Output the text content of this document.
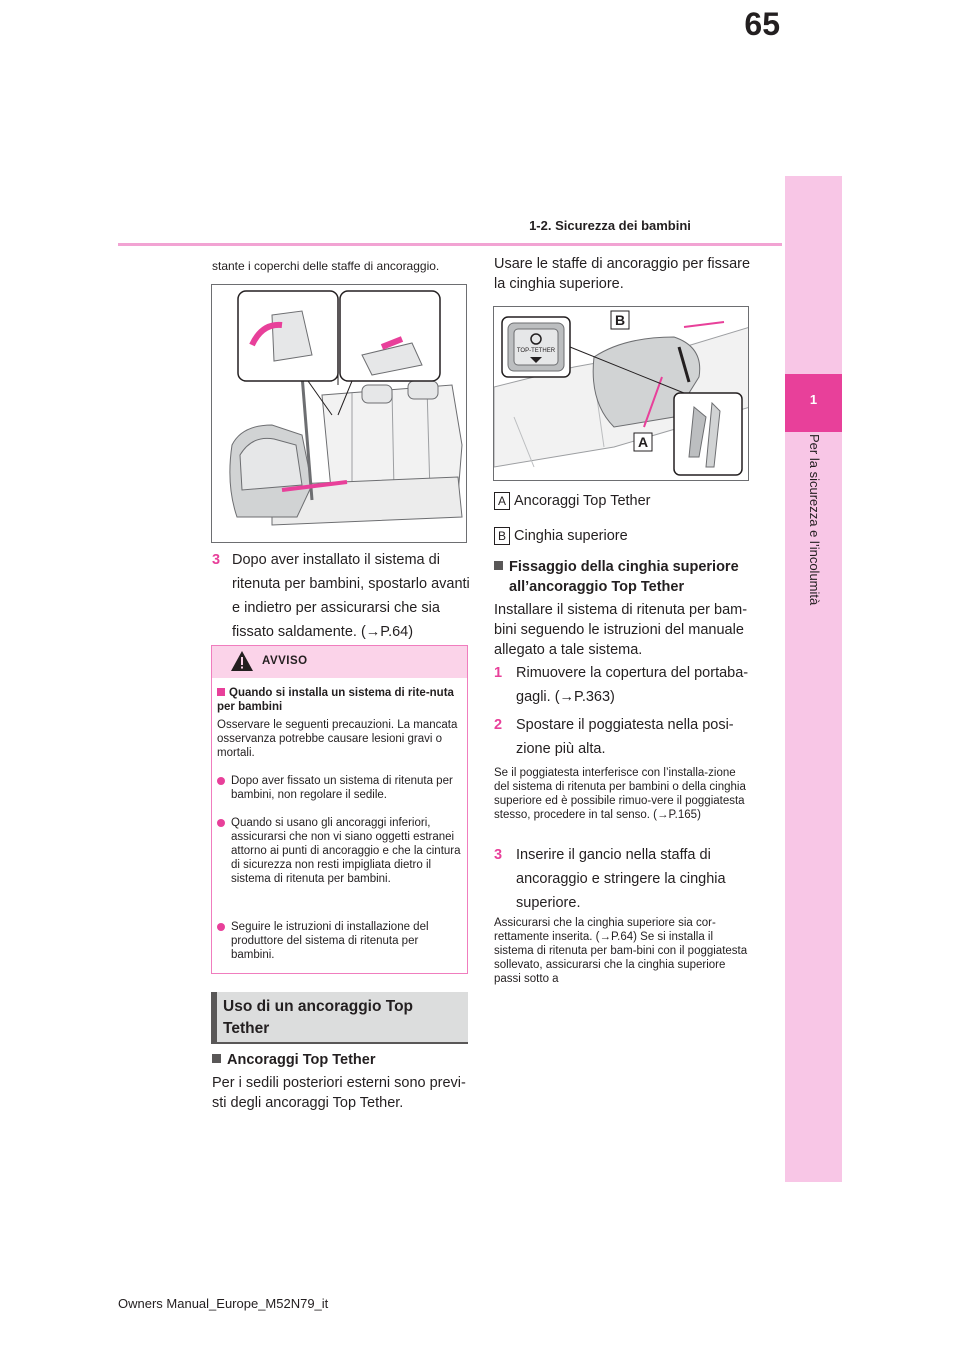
65
1-2. Sicurezza dei bambini
1
Per la sicurezza e l’incolumità
stante i coperchi delle staffe di ancoraggio.
3 Dopo aver installato il sistema di ritenuta per bambini, spostarlo avanti e indietro per assicurarsi che sia fissato saldamente. (→P.64)
AVVISO
Quando si installa un sistema di rite-nuta per bambini
Osservare le seguenti precauzioni. La mancata osservanza potrebbe causare lesioni gravi o mortali.
Dopo aver fissato un sistema di ritenuta per bambini, non regolare il sedile.
Quando si usano gli ancoraggi inferiori, assicurarsi che non vi siano oggetti estranei attorno ai punti di ancoraggio e che la cintura di sicurezza non resti impigliata dietro il sistema di ritenuta per bambini.
Seguire le istruzioni di installazione del produttore del sistema di ritenuta per bambini.
Uso di un ancoraggio Top Tether
Ancoraggi Top Tether
Per i sedili posteriori esterni sono previ-sti degli ancoraggi Top Tether.
Usare le staffe di ancoraggio per fissare la cinghia superiore.
B
A
TOP-TETHER
A Ancoraggi Top Tether
B Cinghia superiore
Fissaggio della cinghia superiore all’ancoraggio Top Tether
Installare il sistema di ritenuta per bam-bini seguendo le istruzioni del manuale allegato a tale sistema.
1 Rimuovere la copertura del portaba-gagli. (→P.363)
2 Spostare il poggiatesta nella posi-zione più alta.
Se il poggiatesta interferisce con l’installa-zione del sistema di ritenuta per bambini o della cinghia superiore ed è possibile rimuo-vere il poggiatesta stesso, procedere in tal senso. (→P.165)
3 Inserire il gancio nella staffa di ancoraggio e stringere la cinghia superiore.
Assicurarsi che la cinghia superiore sia cor-rettamente inserita. (→P.64) Se si installa il sistema di ritenuta per bam-bini con il poggiatesta sollevato, assicurarsi che la cinghia superiore passi sotto a
Owners Manual_Europe_M52N79_it
